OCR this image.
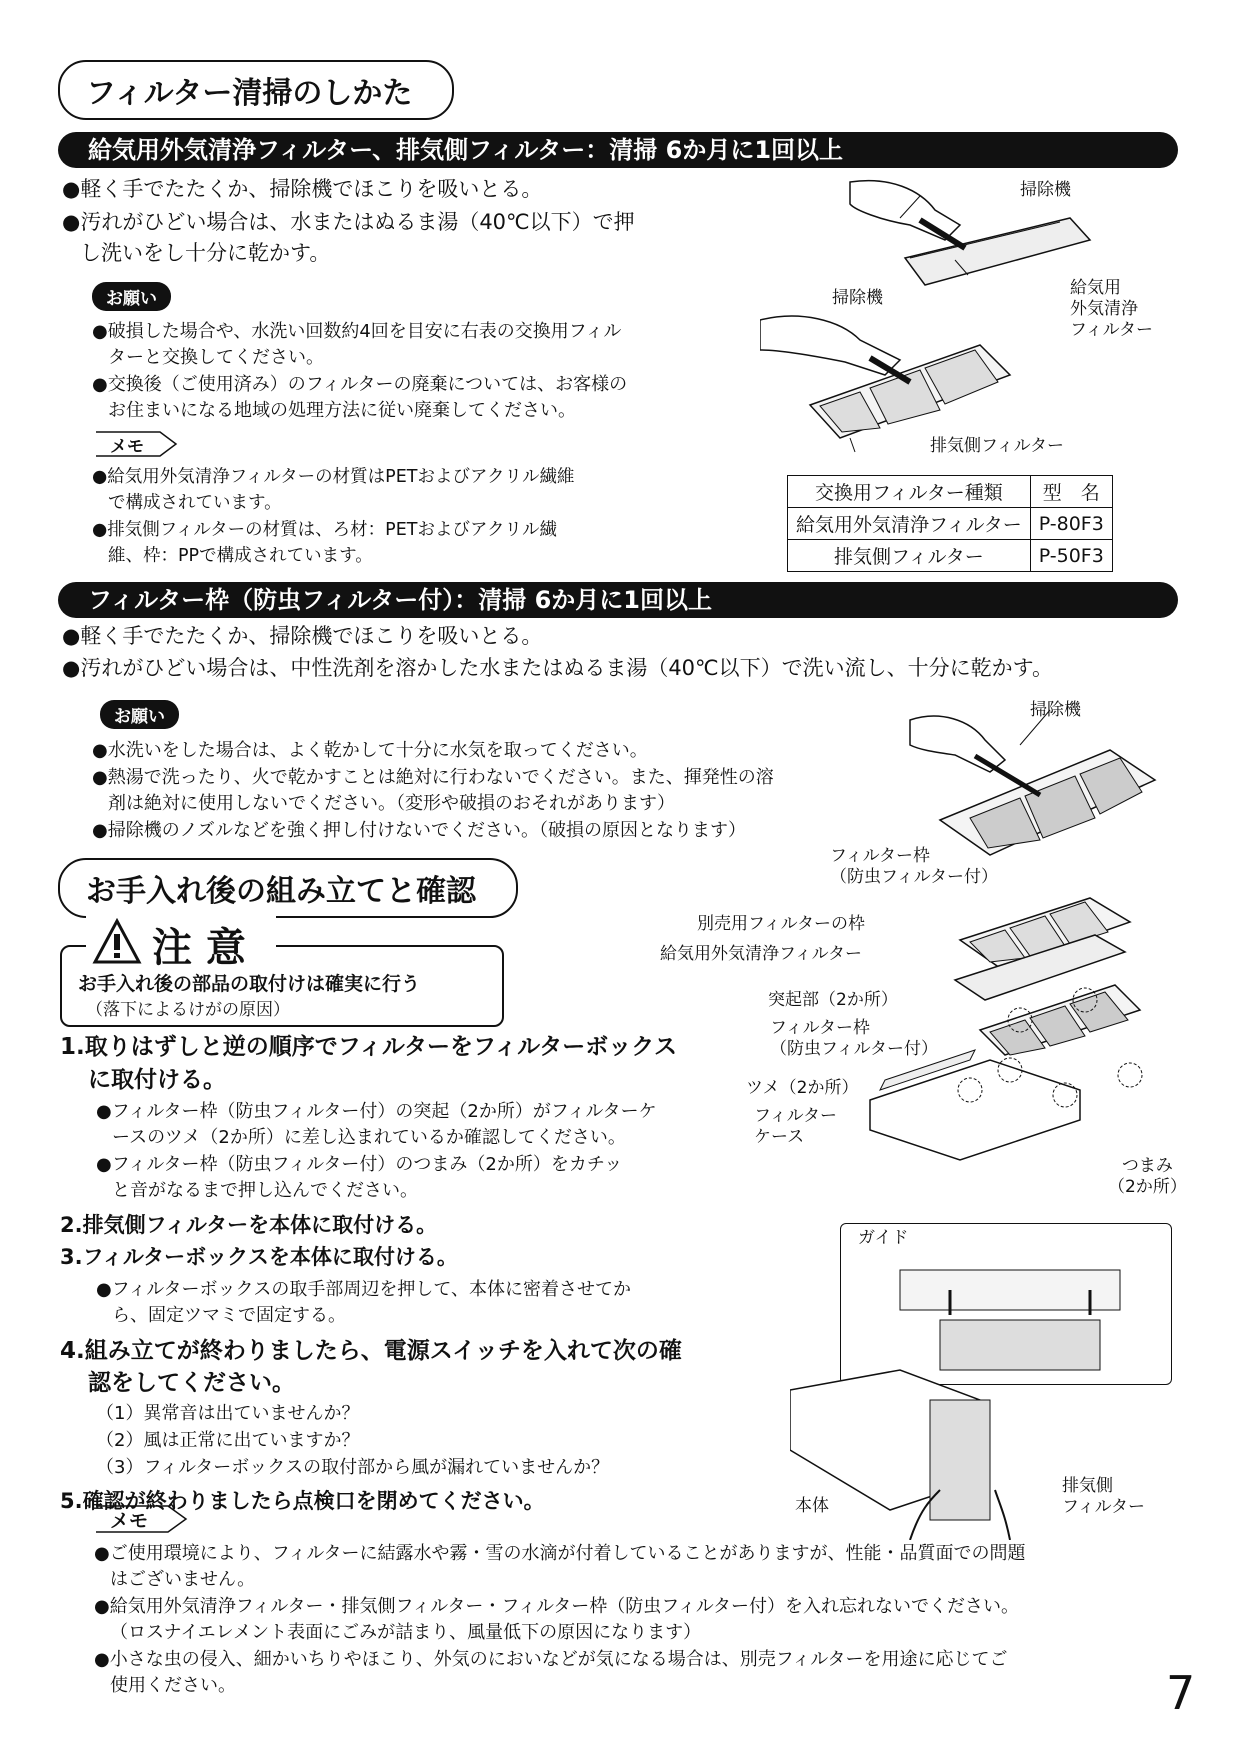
フィルター清掃のしかた
給気用外気清浄フィルター、排気側フィルター：清掃 6か月に1回以上
●軽く手でたたくか、掃除機でほこりを吸いとる。
●汚れがひどい場合は、水またはぬるま湯（40℃以下）で押
し洗いをし十分に乾かす。
お願い
●破損した場合や、水洗い回数約4回を目安に右表の交換用フィル
ターと交換してください。
●交換後（ご使用済み）のフィルターの廃棄については、お客様の
お住まいになる地域の処理方法に従い廃棄してください。
メモ
●給気用外気清浄フィルターの材質はPETおよびアクリル繊維
で構成されています。
●排気側フィルターの材質は、ろ材：PETおよびアクリル繊
維、枠：PPで構成されています。
掃除機
掃除機	給気用
外気清浄
フィルター
排気側フィルター
交換用フィルター種類	型　名
給気用外気清浄フィルター	P-80F3
排気側フィルター	P-50F3
フィルター枠（防虫フィルター付）：清掃 6か月に1回以上
●軽く手でたたくか、掃除機でほこりを吸いとる。
●汚れがひどい場合は、中性洗剤を溶かした水またはぬるま湯（40℃以下）で洗い流し、十分に乾かす。
お願い
●水洗いをした場合は、よく乾かして十分に水気を取ってください。
●熱湯で洗ったり、火で乾かすことは絶対に行わないでください。また、揮発性の溶
剤は絶対に使用しないでください。（変形や破損のおそれがあります）
●掃除機のノズルなどを強く押し付けないでください。（破損の原因となります）
掃除機
フィルター枠
（防虫フィルター付）
お手入れ後の組み立てと確認
注 意
お手入れ後の部品の取付けは確実に行う
（落下によるけがの原因）
1.取りはずしと逆の順序でフィルターをフィルターボックス
に取付ける。
●フィルター枠（防虫フィルター付）の突起（2か所）がフィルターケ
ースのツメ（2か所）に差し込まれているか確認してください。
●フィルター枠（防虫フィルター付）のつまみ（2か所）をカチッ
と音がなるまで押し込んでください。
2.排気側フィルターを本体に取付ける。
3.フィルターボックスを本体に取付ける。
●フィルターボックスの取手部周辺を押して、本体に密着させてか
ら、固定ツマミで固定する。
4.組み立てが終わりましたら、電源スイッチを入れて次の確
認をしてください。
（1）異常音は出ていませんか？
（2）風は正常に出ていますか？
（3）フィルターボックスの取付部から風が漏れていませんか？
5.確認が終わりましたら点検口を閉めてください。
別売用フィルターの枠
給気用外気清浄フィルター
突起部（2か所）
フィルター枠
（防虫フィルター付）
ツメ（2か所）
フィルター
ケース
つまみ
（2か所）
ガイド
本体
排気側
フィルター
メモ
●ご使用環境により、フィルターに結露水や霧・雪の水滴が付着していることがありますが、性能・品質面での問題
はございません。
●給気用外気清浄フィルター・排気側フィルター・フィルター枠（防虫フィルター付）を入れ忘れないでください。
（ロスナイエレメント表面にごみが詰まり、風量低下の原因になります）
●小さな虫の侵入、細かいちりやほこり、外気のにおいなどが気になる場合は、別売フィルターを用途に応じてご
使用ください。	7
